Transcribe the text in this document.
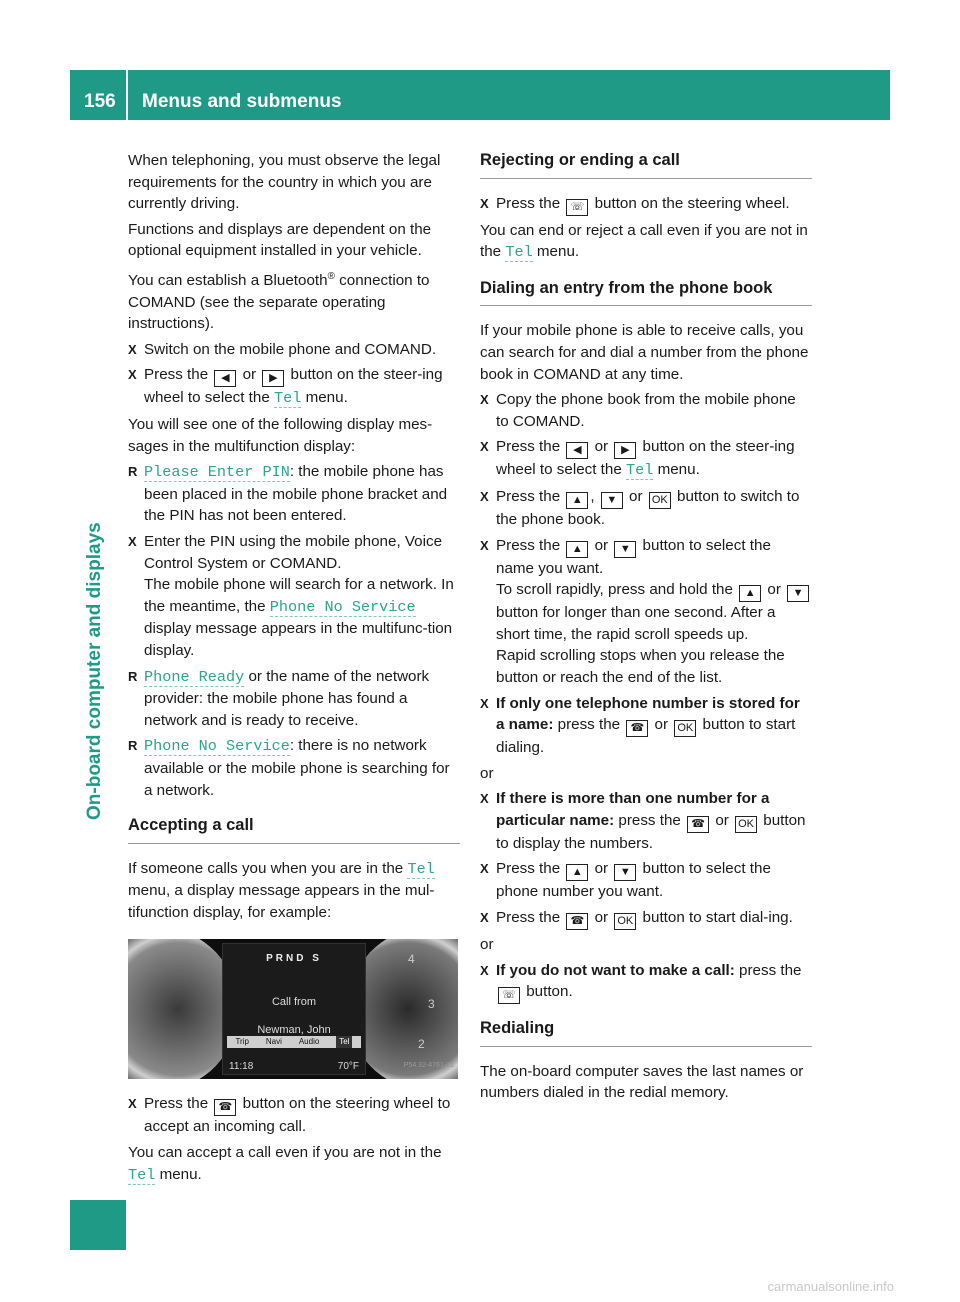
156	Menus and submenus
On-board computer and displays

When telephoning, you must observe the legal requirements for the country in which you are currently driving.

Functions and displays are dependent on the optional equipment installed in your vehicle.

You can establish a Bluetooth® connection to COMAND (see the separate operating instructions).

X Switch on the mobile phone and COMAND.
X Press the ◀ or ▶ button on the steer-ing wheel to select the Tel menu.

You will see one of the following display mes-sages in the multifunction display:

R Please Enter PIN: the mobile phone has been placed in the mobile phone bracket and the PIN has not been entered.
X Enter the PIN using the mobile phone, Voice Control System or COMAND.
The mobile phone will search for a network. In the meantime, the Phone No Service display message appears in the multifunc-tion display.
R Phone Ready or the name of the network provider: the mobile phone has found a network and is ready to receive.
R Phone No Service: there is no network available or the mobile phone is searching for a network.
Accepting a call

If someone calls you when you are in the Tel menu, a display message appears in the mul-tifunction display, for example:

4
3
2
PRND S
Call from
Newman, John
Trip Navi Audio	Tel
11:18	70°F	P54.32-4761-31
X Press the ☎ button on the steering wheel to accept an incoming call.

You can accept a call even if you are not in the Tel menu.

Rejecting or ending a call
X Press the ☏ button on the steering wheel.

You can end or reject a call even if you are not in the Tel menu.

Dialing an entry from the phone book

If your mobile phone is able to receive calls, you can search for and dial a number from the phone book in COMAND at any time.

X Copy the phone book from the mobile phone to COMAND.
X Press the ◀ or ▶ button on the steer-ing wheel to select the Tel menu.
X Press the ▲ , ▼ or OK button to switch to the phone book.
X Press the ▲ or ▼ button to select the name you want.
To scroll rapidly, press and hold the ▲ or ▼ button for longer than one second. After a short time, the rapid scroll speeds up.
Rapid scrolling stops when you release the button or reach the end of the list.
X If only one telephone number is stored for a name: press the ☎ or OK button to start dialing.

or

X If there is more than one number for a particular name: press the ☎ or OK button to display the numbers.
X Press the ▲ or ▼ button to select the phone number you want.
X Press the ☎ or OK button to start dial-ing.

or

X If you do not want to make a call: press the ☏ button.
Redialing

The on-board computer saves the last names or numbers dialed in the redial memory.

carmanualsonline.info
